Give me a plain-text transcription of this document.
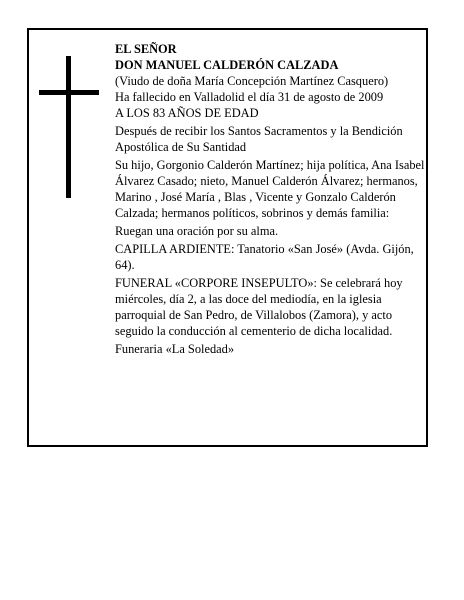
EL SEÑOR

DON MANUEL CALDERÓN CALZADA

(Viudo de doña María Concepción Martínez Casquero)

Ha fallecido en Valladolid el día 31 de agosto de 2009

A LOS 83 AÑOS DE EDAD

Después de recibir los Santos Sacramentos y la Bendición Apostólica de Su Santidad

Su hijo, Gorgonio Calderón Martínez; hija política, Ana Isabel Álvarez Casado; nieto, Manuel Calderón Álvarez; hermanos, Marino , José María , Blas , Vicente y Gonzalo Calderón Calzada; hermanos políticos, sobrinos y demás familia:

Ruegan una oración por su alma.

CAPILLA ARDIENTE: Tanatorio «San José» (Avda. Gijón, 64).

FUNERAL «CORPORE INSEPULTO»: Se celebrará hoy miércoles, día 2, a las doce del mediodía, en la iglesia parroquial de San Pedro, de Villalobos (Zamora), y acto seguido la conducción al cementerio de dicha localidad.

Funeraria «La Soledad»
